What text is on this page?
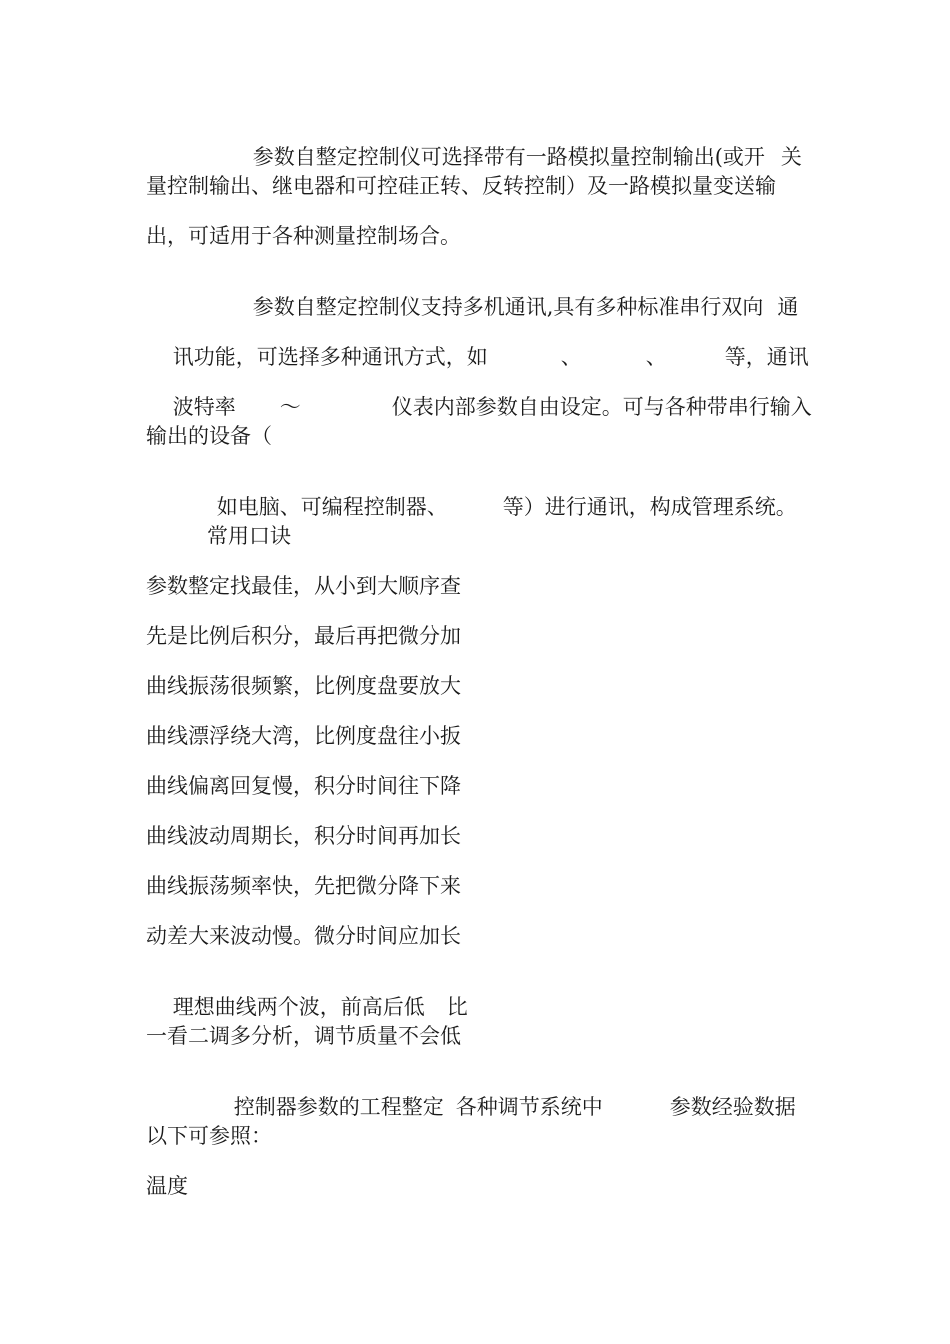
参数自整定控制仪可选择带有一路模拟量控制输出(或开 关

量控制输出、继电器和可控硅正转、反转控制）及一路模拟量变送输
出，可适用于各种测量控制场合。

参数自整定控制仪支持多机通讯,具有多种标准串行双向 通

讯功能，可选择多种通讯方式，如	、	、	等，通讯

波特率 ～	仪表内部参数自由设定。可与各种带串行输入

输出的设备（

如电脑、可编程控制器、	等）进行通讯，构成管理系统。

常用口诀
参数整定找最佳，从小到大顺序查
先是比例后积分，最后再把微分加
曲线振荡很频繁，比例度盘要放大
曲线漂浮绕大湾，比例度盘往小扳
曲线偏离回复慢，积分时间往下降
曲线波动周期长，积分时间再加长
曲线振荡频率快，先把微分降下来
动差大来波动慢。微分时间应加长

理想曲线两个波，前高后低 比

一看二调多分析，调节质量不会低

控制器参数的工程整定 各种调节系统中	参数经验数据

以下可参照：
温度
